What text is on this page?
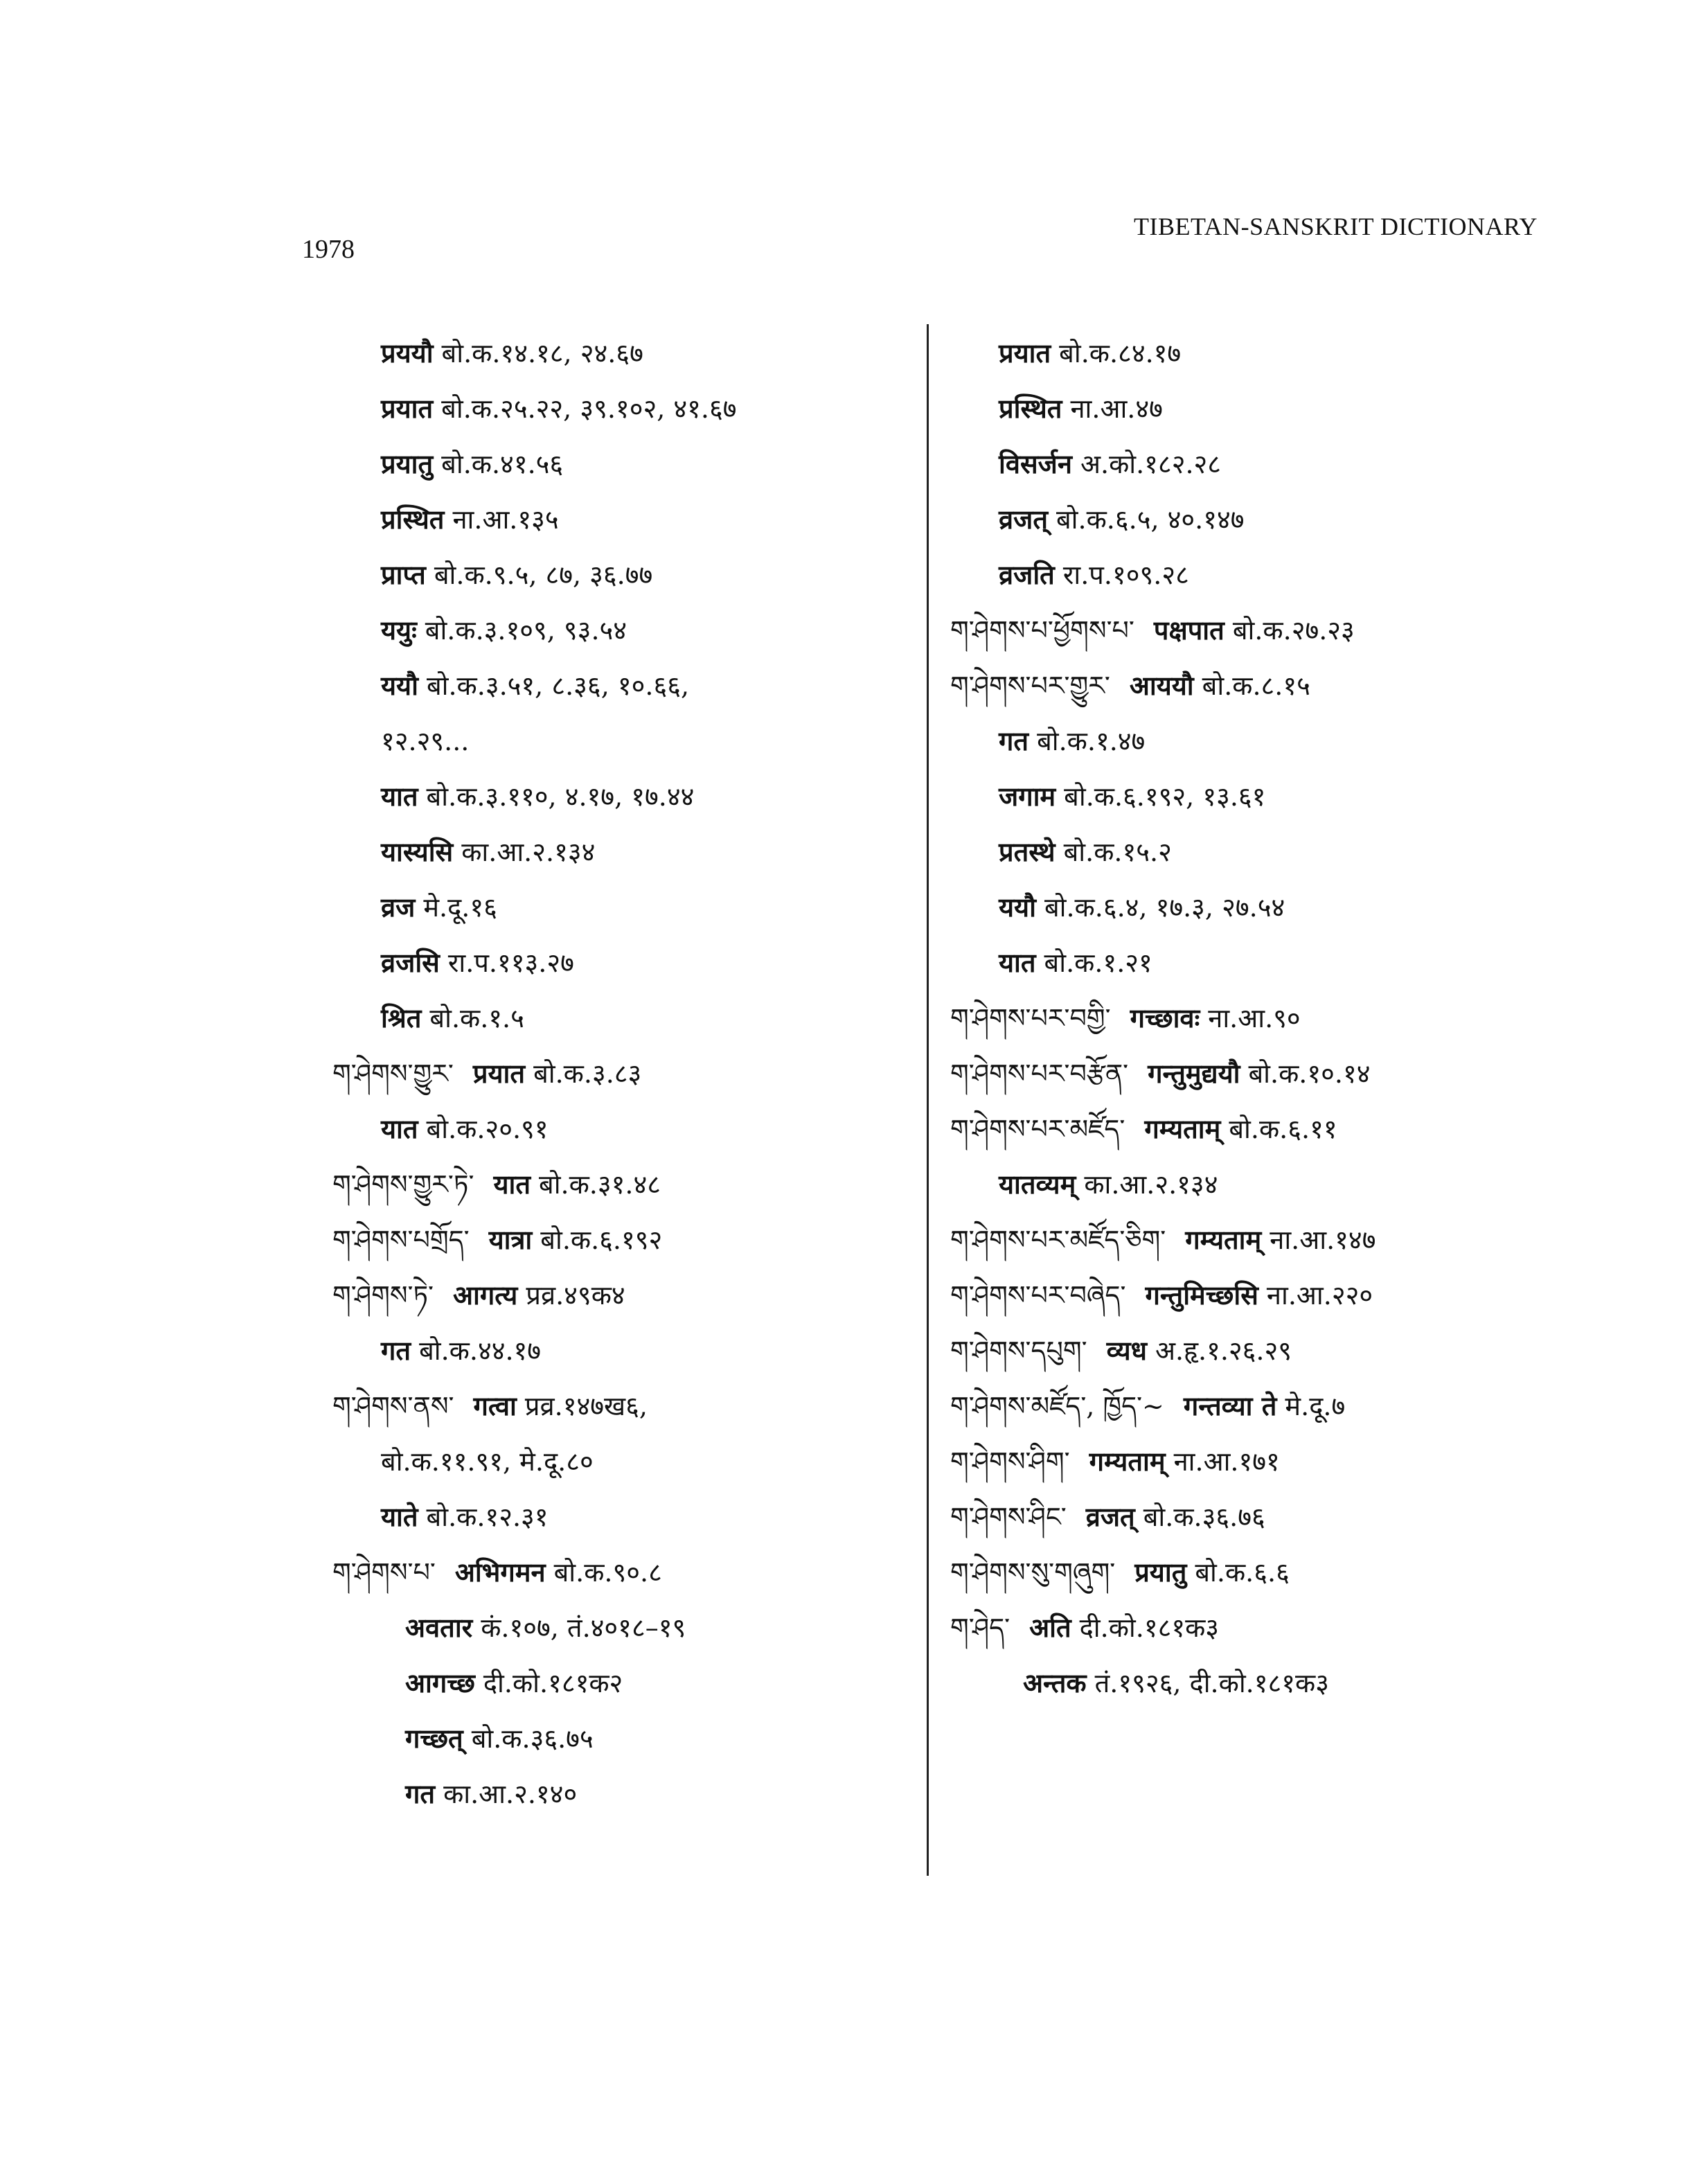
1978
TIBETAN-SANSKRIT DICTIONARY
प्रययौ बो.क.१४.१८, २४.६७
प्रयात बो.क.२५.२२, ३९.१०२, ४१.६७
प्रयातु बो.क.४१.५६
प्रस्थित ना.आ.१३५
प्राप्त बो.क.९.५, ८७, ३६.७७
ययुः बो.क.३.१०९, ९३.५४
ययौ बो.क.३.५१, ८.३६, १०.६६,
१२.२९...
यात बो.क.३.११०, ४.१७, १७.४४
यास्यसि का.आ.२.१३४
व्रज मे.दू.१६
व्रजसि रा.प.११३.२७
श्रित बो.क.१.५
ག་ཤེགས་གྱུར་ प्रयात बो.क.३.८३
यात बो.क.२०.९१
ག་ཤེགས་གྱུར་ཏེ་ यात बो.क.३१.४८
ག་ཤེགས་པགྲོད་ यात्रा बो.क.६.१९२
ག་ཤེགས་ཏེ་ आगत्य प्रव्र.४९क४
गत बो.क.४४.१७
ག་ཤེགས་ནས་ गत्वा प्रव्र.१४७ख६,
बो.क.११.९१, मे.दू.८०
याते बो.क.१२.३१
ག་ཤེགས་པ་ अभिगमन बो.क.९०.८
अवतार कं.१०७, तं.४०१८–१९
आगच्छ दी.को.१८१क२
गच्छत् बो.क.३६.७५
गत का.आ.२.१४०
प्रयात बो.क.८४.१७
प्रस्थित ना.आ.४७
विसर्जन अ.को.१८२.२८
व्रजत् बो.क.६.५, ४०.१४७
व्रजति रा.प.१०९.२८
ག་ཤེགས་པ་ཕྱོགས་པ་ पक्षपात बो.क.२७.२३
ག་ཤེགས་པར་གྱུར་ आययौ बो.क.८.१५
गत बो.क.१.४७
जगाम बो.क.६.१९२, १३.६१
प्रतस्थे बो.क.१५.२
ययौ बो.क.६.४, १७.३, २७.५४
यात बो.क.१.२१
ག་ཤེགས་པར་བགྱི་ गच्छावः ना.आ.९०
ག་ཤེགས་པར་བརྩོན་ गन्तुमुद्ययौ बो.क.१०.१४
ག་ཤེགས་པར་མཛོད་ गम्यताम् बो.क.६.११
यातव्यम् का.आ.२.१३४
ག་ཤེགས་པར་མཛོད་ཅིག་ गम्यताम् ना.आ.१४७
ག་ཤེགས་པར་བཞེད་ गन्तुमिच्छसि ना.आ.२२०
ག་ཤེགས་དཔུག་ व्यध अ.हृ.१.२६.२९
ག་ཤེགས་མཛོད་, ཁྱོད་~ गन्तव्या ते मे.दू.७
ག་ཤེགས་ཤིག་ गम्यताम् ना.आ.१७१
ག་ཤེགས་ཤིང་ व्रजत् बो.क.३६.७६
ག་ཤེགས་སུ་གཞུག་ प्रयातु बो.क.६.६
ག་ཤེད་ अति दी.को.१८१क३
अन्तक तं.१९२६, दी.को.१८१क३
